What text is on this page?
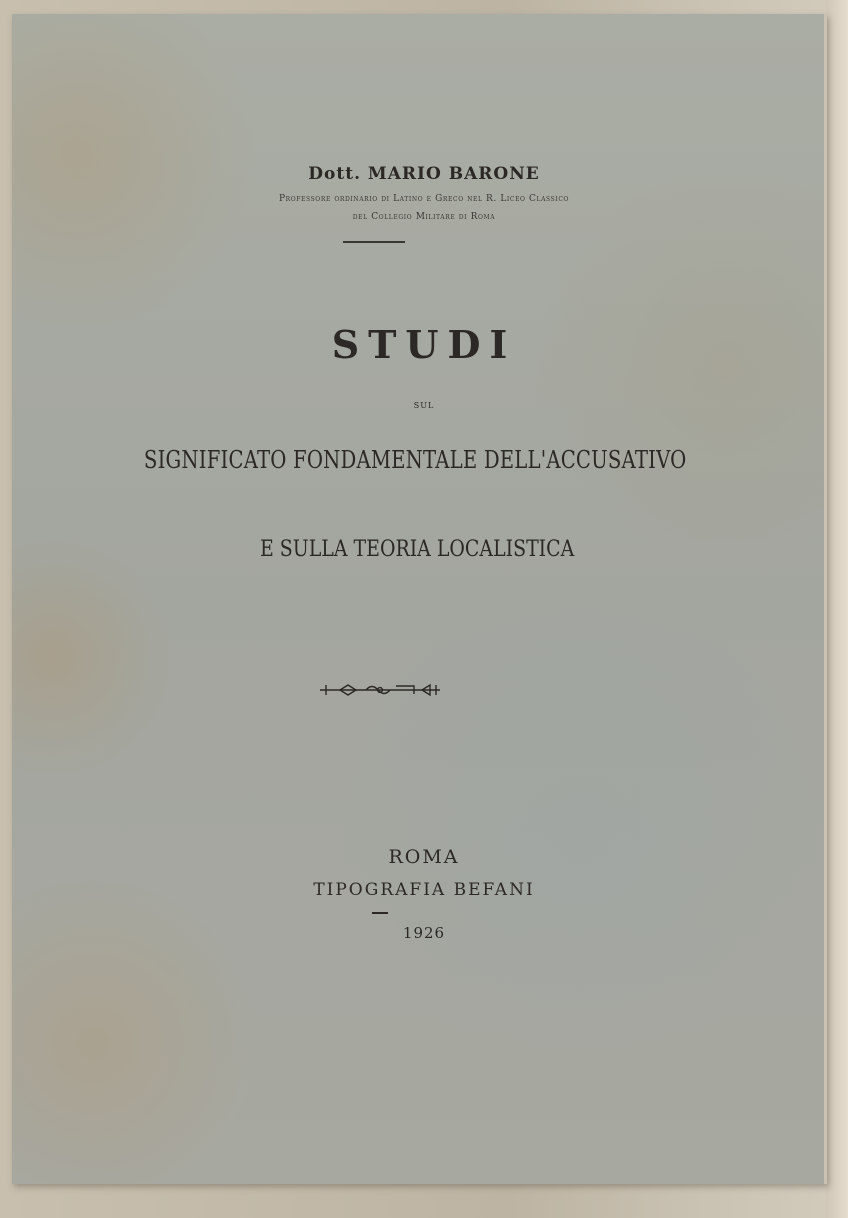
Dott. MARIO BARONE
Professore ordinario di Latino e Greco nel R. Liceo Classico
del Collegio Militare di Roma
STUDI
sul
SIGNIFICATO FONDAMENTALE DELL'ACCUSATIVO
E SULLA TEORIA LOCALISTICA
ROMA
TIPOGRAFIA BEFANI
1926
